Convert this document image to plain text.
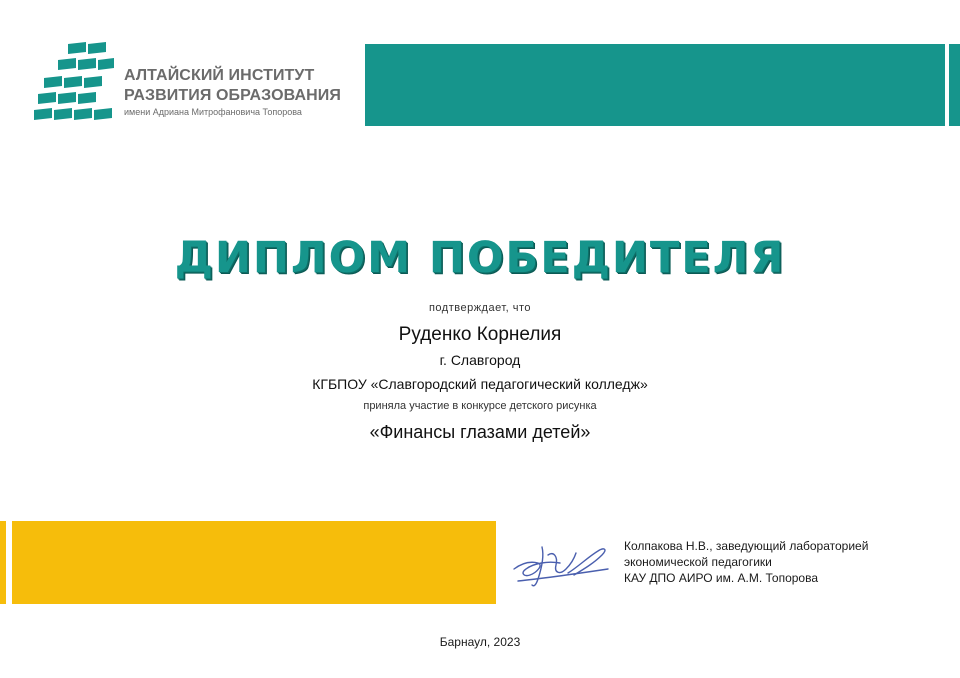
АЛТАЙСКИЙ ИНСТИТУТ
РАЗВИТИЯ ОБРАЗОВАНИЯ
имени Адриана Митрофановича Топорова
ДИПЛОМ ПОБЕДИТЕЛЯ
подтверждает, что
Руденко Корнелия
г. Славгород
КГБПОУ «Славгородский педагогический колледж»
приняла участие в конкурсе детского рисунка
«Финансы глазами детей»
Колпакова Н.В., заведующий лабораторией
экономической педагогики
КАУ ДПО АИРО им. А.М. Топорова
Барнаул, 2023
